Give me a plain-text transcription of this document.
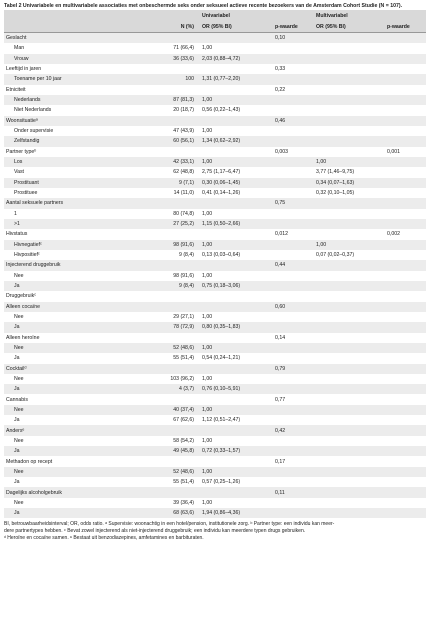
Tabel 2 Univariabele en multivariabele associaties met onbeschermde seks onder seksueel actieve recente bezoekers van de Amsterdam Cohort Studie (N = 107).
		Univariabel		Multivariabel	
	N (%)	OR (95% BI)	p-waarde	OR (95% BI)	p-waarde
Geslacht			0,10		
Man	71 (66,4)	1,00			
Vrouw	36 (33,6)	2,03 (0,88–4,72)			
Leeftijd in jaren			0,33		
Toename per 10 jaar	100	1,31 (0,77–2,20)			
Etniciteit			0,22		
Nederlands	87 (81,3)	1,00			
Niet Nederlands	20 (18,7)	0,56 (0,22–1,43)			
Woonsituatieᵃ			0,46		
Onder supervisie	47 (43,9)	1,00			
Zelfstandig	60 (56,1)	1,34 (0,62–2,92)			
Partner typeᵇ			0,003		0,001
Los	42 (33,1)	1,00		1,00	
Vast	62 (48,8)	2,75 (1,17–6,47)		3,77 (1,46–9,75)	
Prostituant	9 (7,1)	0,30 (0,06–1,45)		0,34 (0,07–1,63)	
Prostituee	14 (11,0)	0,41 (0,14–1,26)		0,32 (0,10–1,05)	
Aantal seksuele partners			0,75		
1	80 (74,8)	1,00			
>1	27 (25,2)	1,15 (0,50–2,66)			
Hivstatus			0,012		0,002
Hivnegatiefᶜ	98 (91,6)	1,00		1,00	
Hivpositiefᶜ	9 (8,4)	0,13 (0,03–0,64)		0,07 (0,02–0,37)	
Injecterend druggebruik			0,44		
Nee	98 (91,6)	1,00			
Ja	9 (8,4)	0,75 (0,18–3,06)			
Druggebruikᶜ					
Alleen cocaïne			0,60		
Nee	29 (27,1)	1,00			
Ja	78 (72,9)	0,80 (0,35–1,83)			
Alleen heroïne			0,14		
Nee	52 (48,6)	1,00			
Ja	55 (51,4)	0,54 (0,24–1,21)			
Cocktailᵈ			0,79		
Nee	103 (96,2)	1,00			
Ja	4 (3,7)	0,76 (0,10–5,91)			
Cannabis			0,77		
Nee	40 (37,4)	1,00			
Ja	67 (62,6)	1,12 (0,51–2,47)			
Andersᵉ			0,42		
Nee	58 (54,2)	1,00			
Ja	49 (45,8)	0,72 (0,33–1,57)			
Methadon op recept			0,17		
Nee	52 (48,6)	1,00			
Ja	55 (51,4)	0,57 (0,25–1,26)			
Dagelijks alcoholgebruik			0,11		
Nee	39 (36,4)	1,00			
Ja	68 (63,6)	1,94 (0,86–4,36)			
BI, betrouwbaarheidsinterval; OR, odds ratio. ᵃ Supervisie: woonachtig in een hotel/pension, institutionele zorg. ᵇ Partner type: een individu kan meer-
dere partnertypes hebben. ᶜ Bevat zowel injecterend als niet-injecterend druggebruik; een individu kan meerdere typen drugs gebruiken.
ᵈ Heroïne en cocaïne samen. ᵉ Bestaat uit benzodiazepines, amfetamines en barbituraten.
